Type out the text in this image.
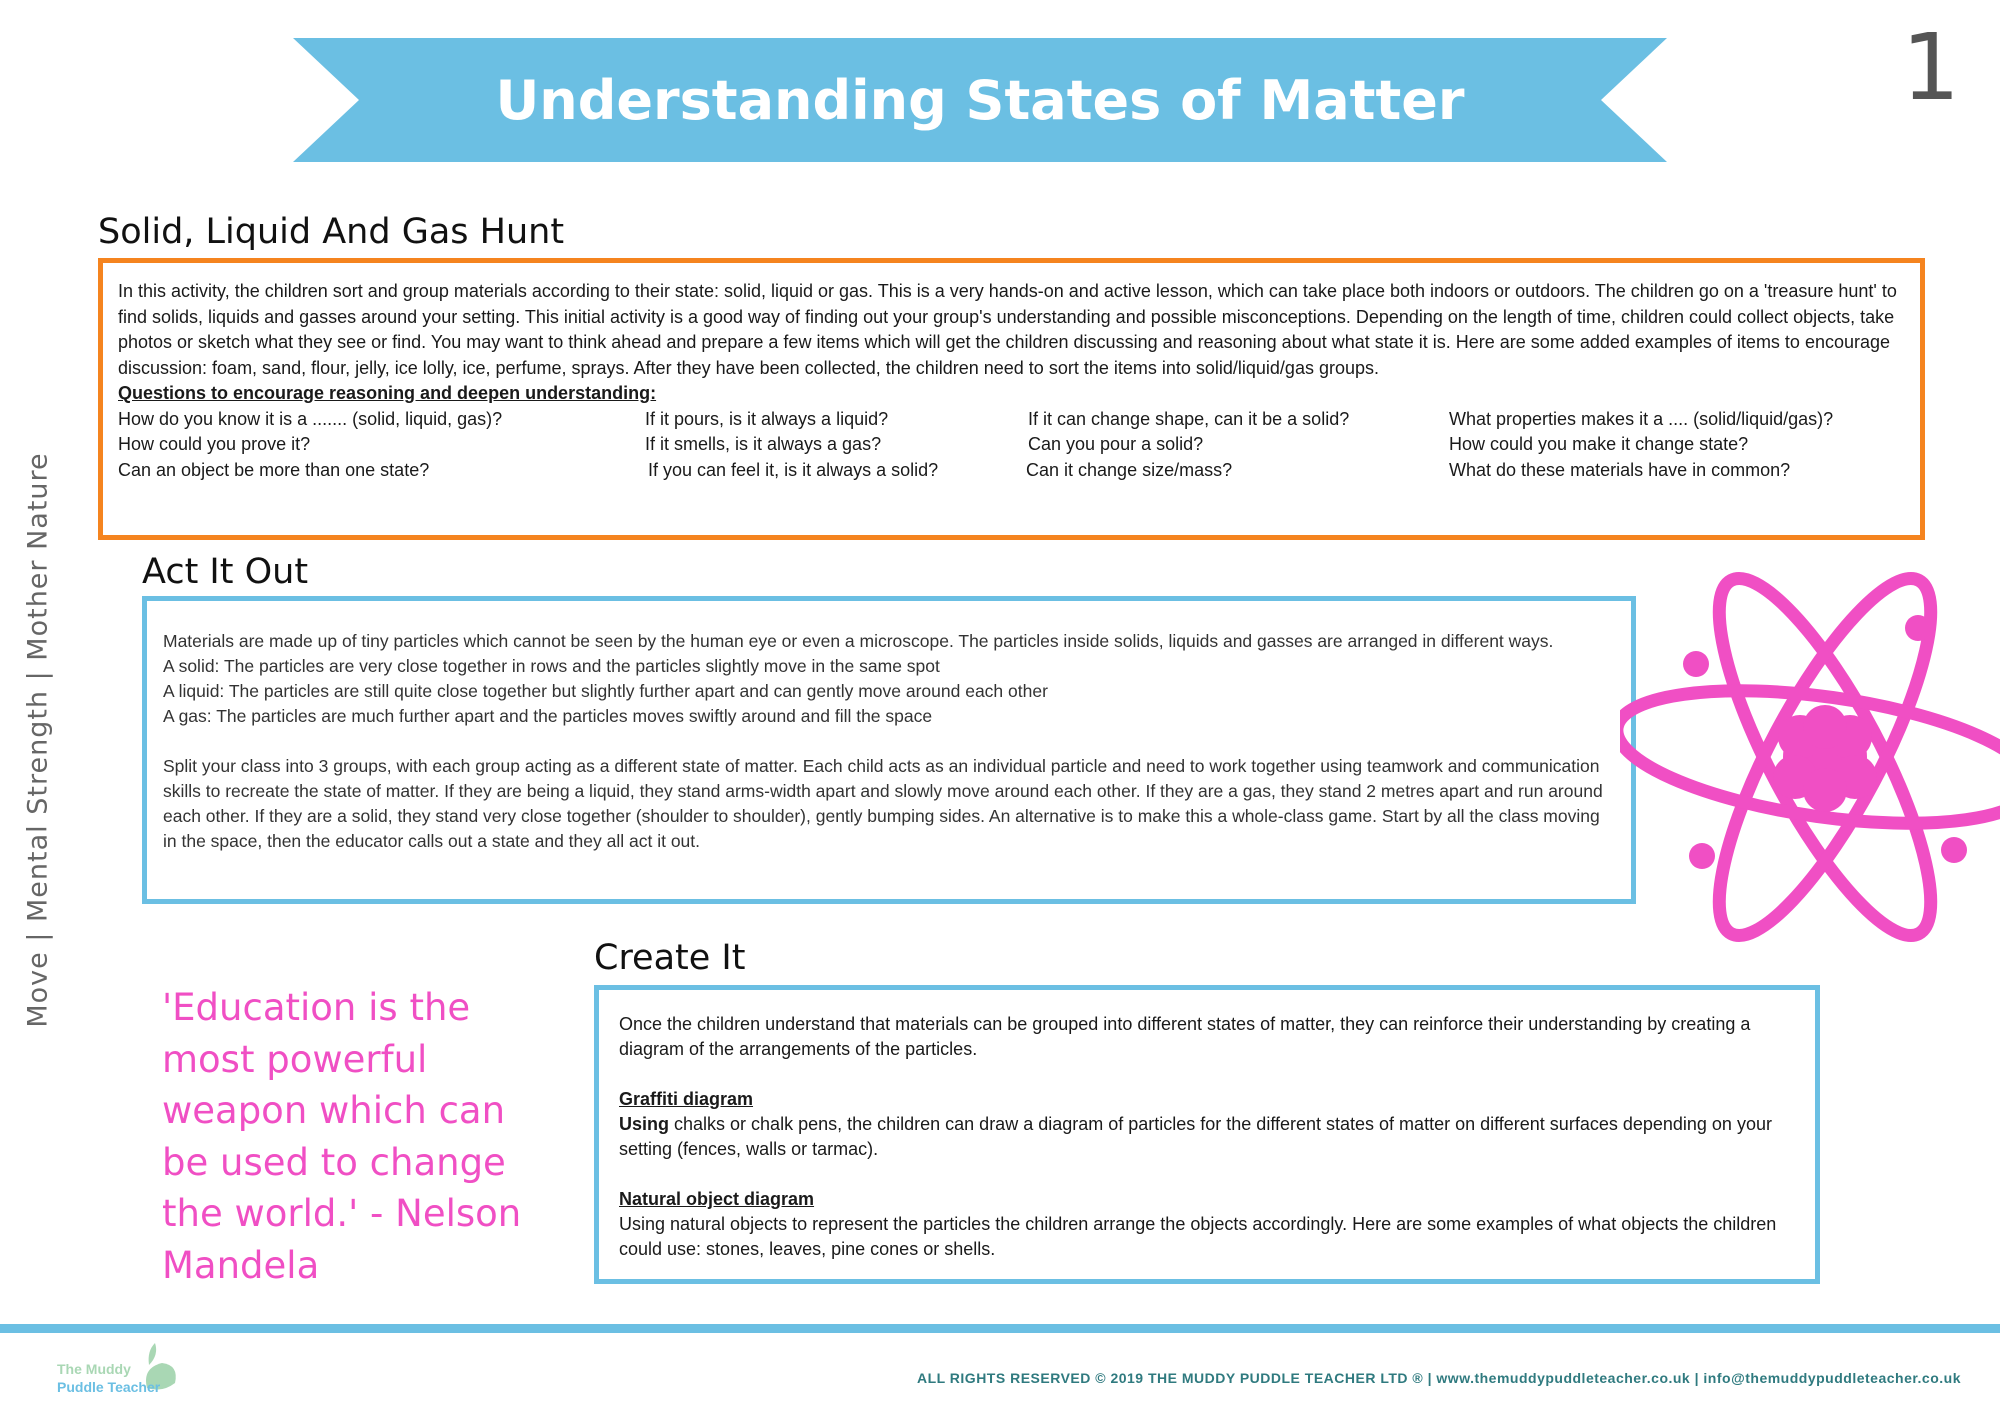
Understanding States of Matter	1
Move | Mental Strength | Mother Nature
Solid, Liquid And Gas Hunt
In this activity, the children sort and group materials according to their state: solid, liquid or gas. This is a very hands-on and active lesson, which can take place both indoors or outdoors. The children go on a 'treasure hunt' to find solids, liquids and gasses around your setting. This initial activity is a good way of finding out your group's understanding and possible misconceptions. Depending on the length of time, children could collect objects, take photos or sketch what they see or find. You may want to think ahead and prepare a few items which will get the children discussing and reasoning about what state it is. Here are some added examples of items to encourage discussion: foam, sand, flour, jelly, ice lolly, ice, perfume, sprays. After they have been collected, the children need to sort the items into solid/liquid/gas groups.
Questions to encourage reasoning and deepen understanding:
How do you know it is a ....... (solid, liquid, gas)?
How could you prove it?
Can an object be more than one state?
If it pours, is it always a liquid?
If it smells, is it always a gas?
If you can feel it, is it always a solid?
If it can change shape, can it be a solid?
Can you pour a solid?
Can it change size/mass?
What properties makes it a .... (solid/liquid/gas)?
How could you make it change state?
What do these materials have in common?
Act It Out

Materials are made up of tiny particles which cannot be seen by the human eye or even a microscope. The particles inside solids, liquids and gasses are arranged in different ways.

A solid: The particles are very close together in rows and the particles slightly move in the same spot

A liquid: The particles are still quite close together but slightly further apart and can gently move around each other

A gas: The particles are much further apart and the particles moves swiftly around and fill the space

Split your class into 3 groups, with each group acting as a different state of matter. Each child acts as an individual particle and need to work together using teamwork and communication skills to recreate the state of matter. If they are being a liquid, they stand arms-width apart and slowly move around each other. If they are a gas, they stand 2 metres apart and run around each other. If they are a solid, they stand very close together (shoulder to shoulder), gently bumping sides. An alternative is to make this a whole-class game. Start by all the class moving in the space, then the educator calls out a state and they all act it out.

'Education is the most powerful weapon which can be used to change the world.' - Nelson Mandela
Create It

Once the children understand that materials can be grouped into different states of matter, they can reinforce their understanding by creating a diagram of the arrangements of the particles.

Graffiti diagram

Using chalks or chalk pens, the children can draw a diagram of particles for the different states of matter on different surfaces depending on your setting (fences, walls or tarmac).

Natural object diagram

Using natural objects to represent the particles the children arrange the objects accordingly. Here are some examples of what objects the children could use: stones, leaves, pine cones or shells.

The Muddy
Puddle Teacher
ALL RIGHTS RESERVED © 2019 THE MUDDY PUDDLE TEACHER LTD ® | www.themuddypuddleteacher.co.uk | info@themuddypuddleteacher.co.uk
